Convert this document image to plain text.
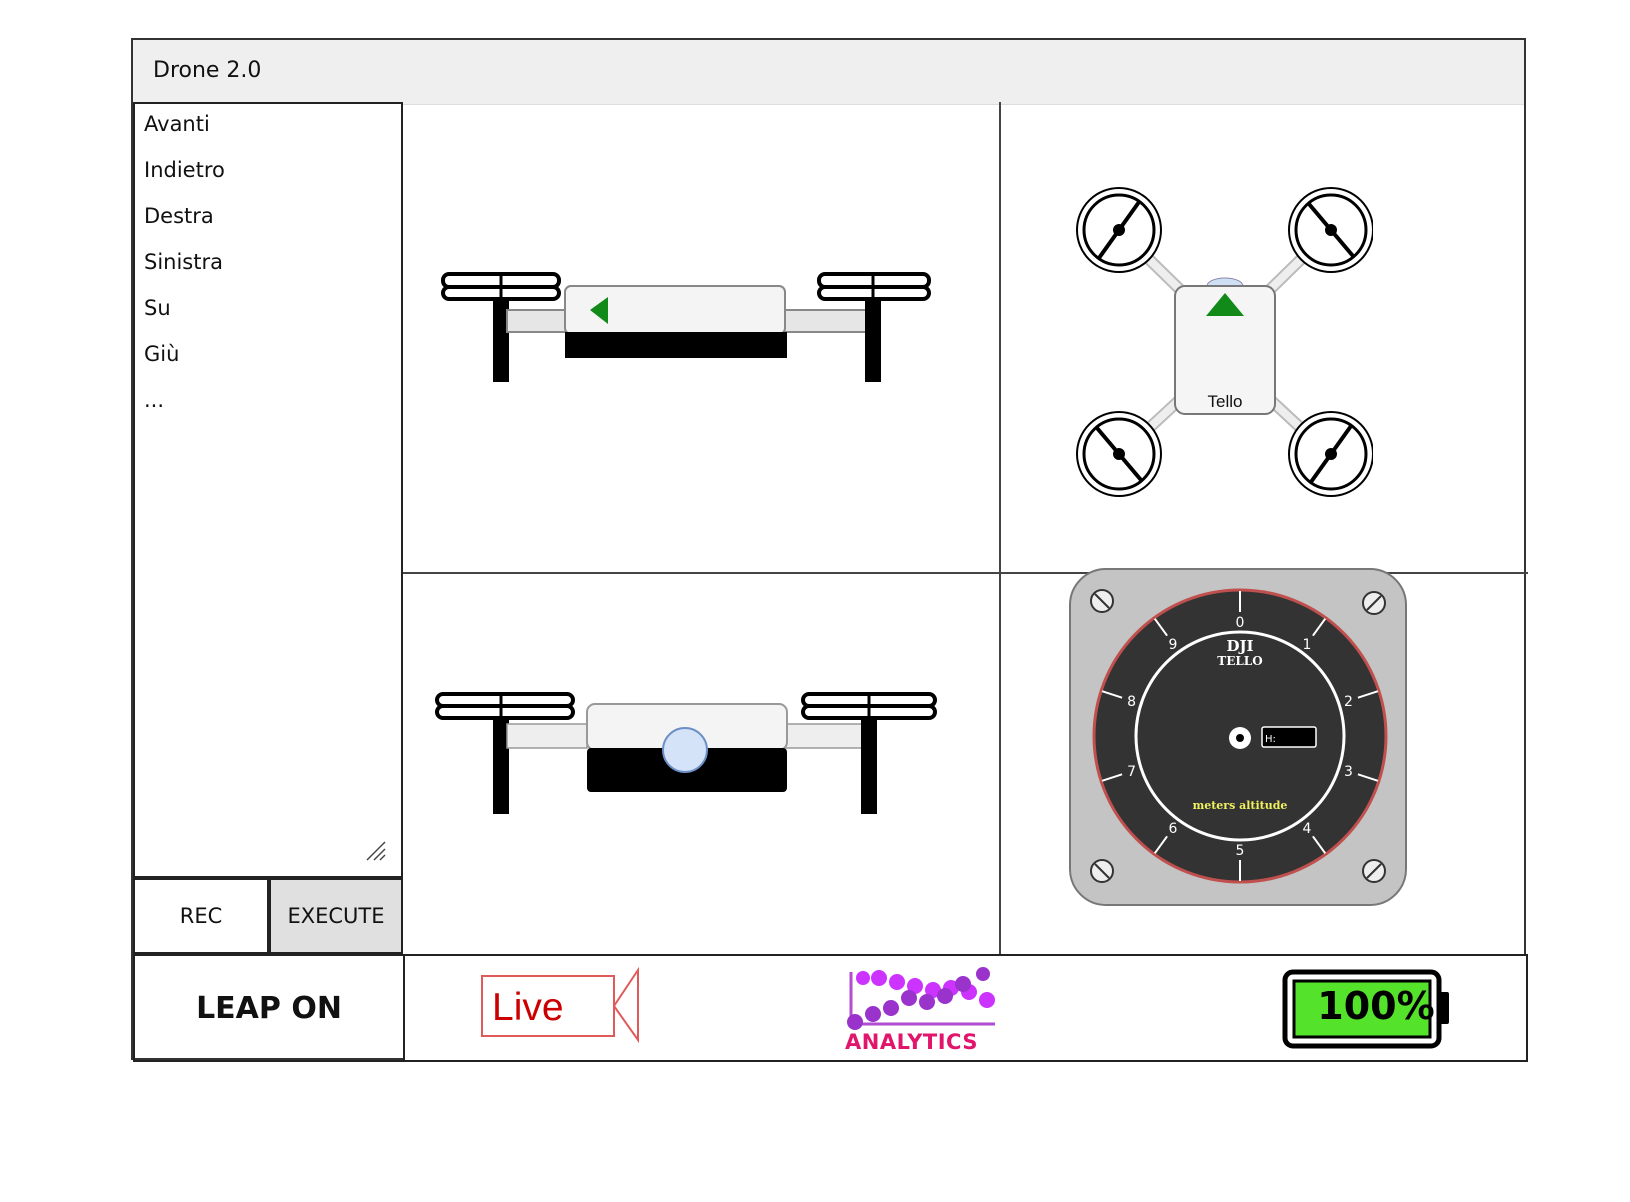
Drone 2.0
Avanti
Indietro
Destra
Sinistra
Su
Giù
...
REC	EXECUTE
LEAP ON
Tello
0
1
2
3
4
5
6
7
8
9	DJI
TELLO
H:
meters altitude
Live
ANALYTICS
100%
